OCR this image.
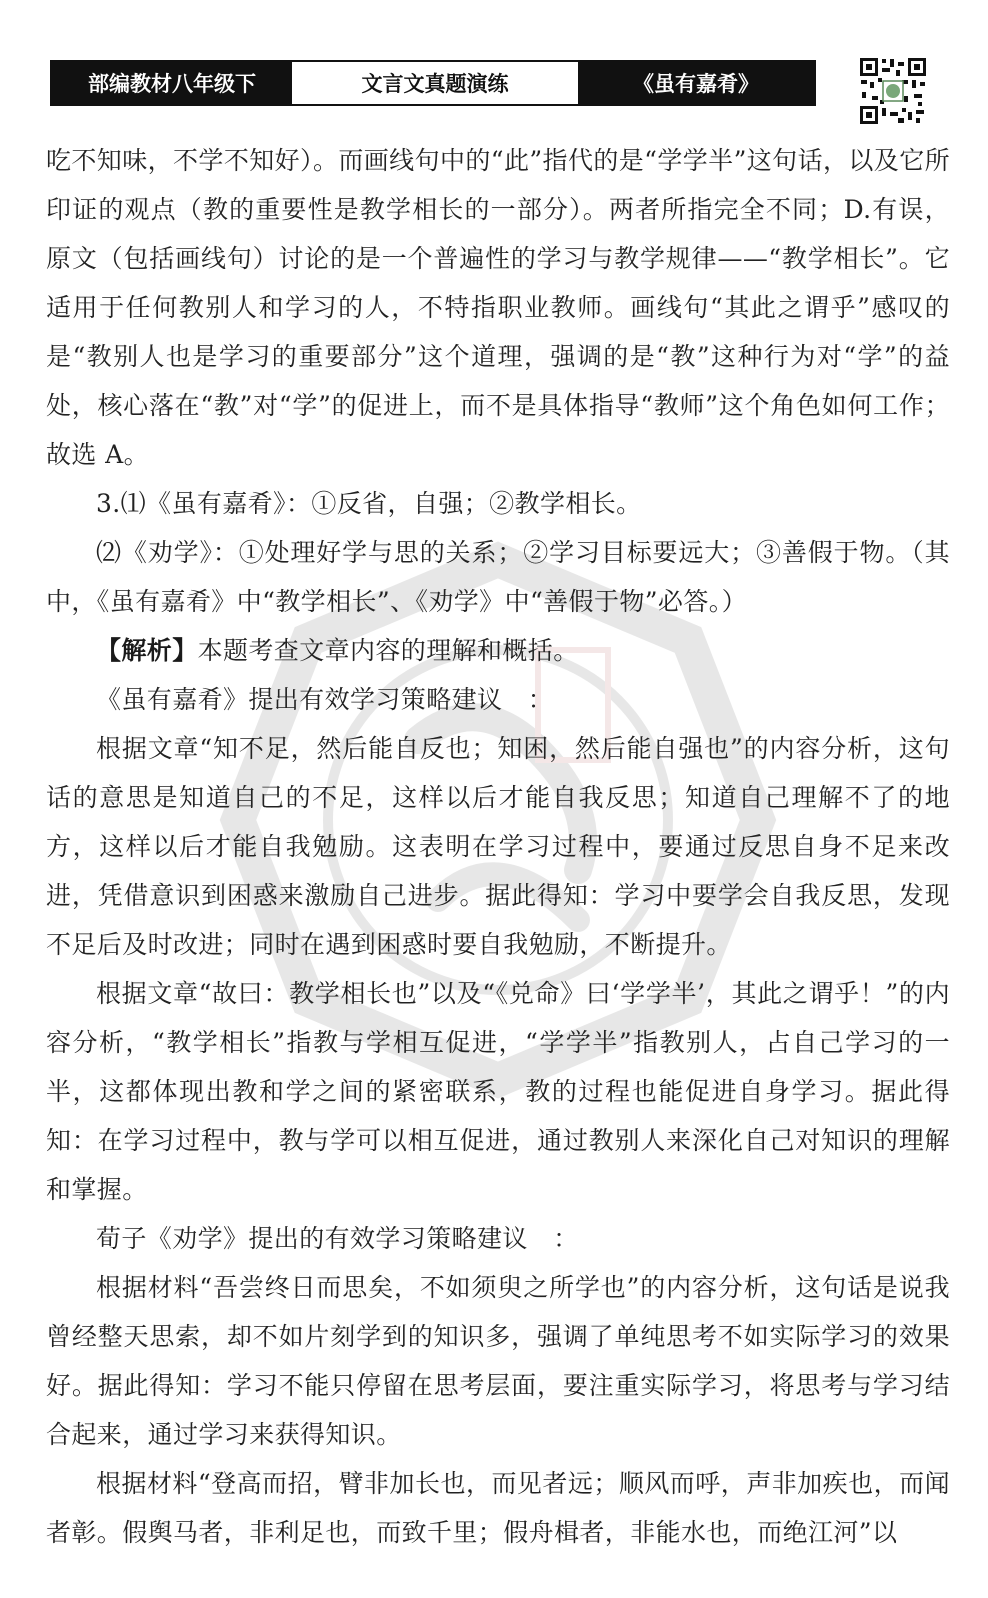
部编教材八年级下	文言文真题演练	《虽有嘉肴》

吃不知味，不学不知好）。而画线句中的“此”指代的是“学学半”这句话，以及它所印证的观点（教的重要性是教学相长的一部分）。两者所指完全不同；D.有误，原文（包括画线句）讨论的是一个普遍性的学习与教学规律——“教学相长”。它适用于任何教别人和学习的人，不特指职业教师。画线句“其此之谓乎”感叹的是“教别人也是学习的重要部分”这个道理，强调的是“教”这种行为对“学”的益处，核心落在“教”对“学”的促进上，而不是具体指导“教师”这个角色如何工作；故选 A。

3.⑴《虽有嘉肴》：①反省，自强；②教学相长。

⑵《劝学》：①处理好学与思的关系；②学习目标要远大；③善假于物。（其中，《虽有嘉肴》中“教学相长”、《劝学》中“善假于物”必答。）

【解析】本题考查文章内容的理解和概括。

《虽有嘉肴》提出有效学习策略建议　：

根据文章“知不足，然后能自反也；知困，然后能自强也”的内容分析，这句话的意思是知道自己的不足，这样以后才能自我反思；知道自己理解不了的地方，这样以后才能自我勉励。这表明在学习过程中，要通过反思自身不足来改进，凭借意识到困惑来激励自己进步。据此得知：学习中要学会自我反思，发现不足后及时改进；同时在遇到困惑时要自我勉励，不断提升。

根据文章“故曰：教学相长也”以及“《兑命》曰‘学学半’，其此之谓乎！”的内容分析，“教学相长”指教与学相互促进，“学学半”指教别人，占自己学习的一半，这都体现出教和学之间的紧密联系，教的过程也能促进自身学习。据此得知：在学习过程中，教与学可以相互促进，通过教别人来深化自己对知识的理解和掌握。

荀子《劝学》提出的有效学习策略建议　：

根据材料“吾尝终日而思矣，不如须臾之所学也”的内容分析，这句话是说我曾经整天思索，却不如片刻学到的知识多，强调了单纯思考不如实际学习的效果好。据此得知：学习不能只停留在思考层面，要注重实际学习，将思考与学习结合起来，通过学习来获得知识。

根据材料“登高而招，臂非加长也，而见者远；顺风而呼，声非加疾也，而闻者彰。假舆马者，非利足也，而致千里；假舟楫者，非能水也，而绝江河”以
